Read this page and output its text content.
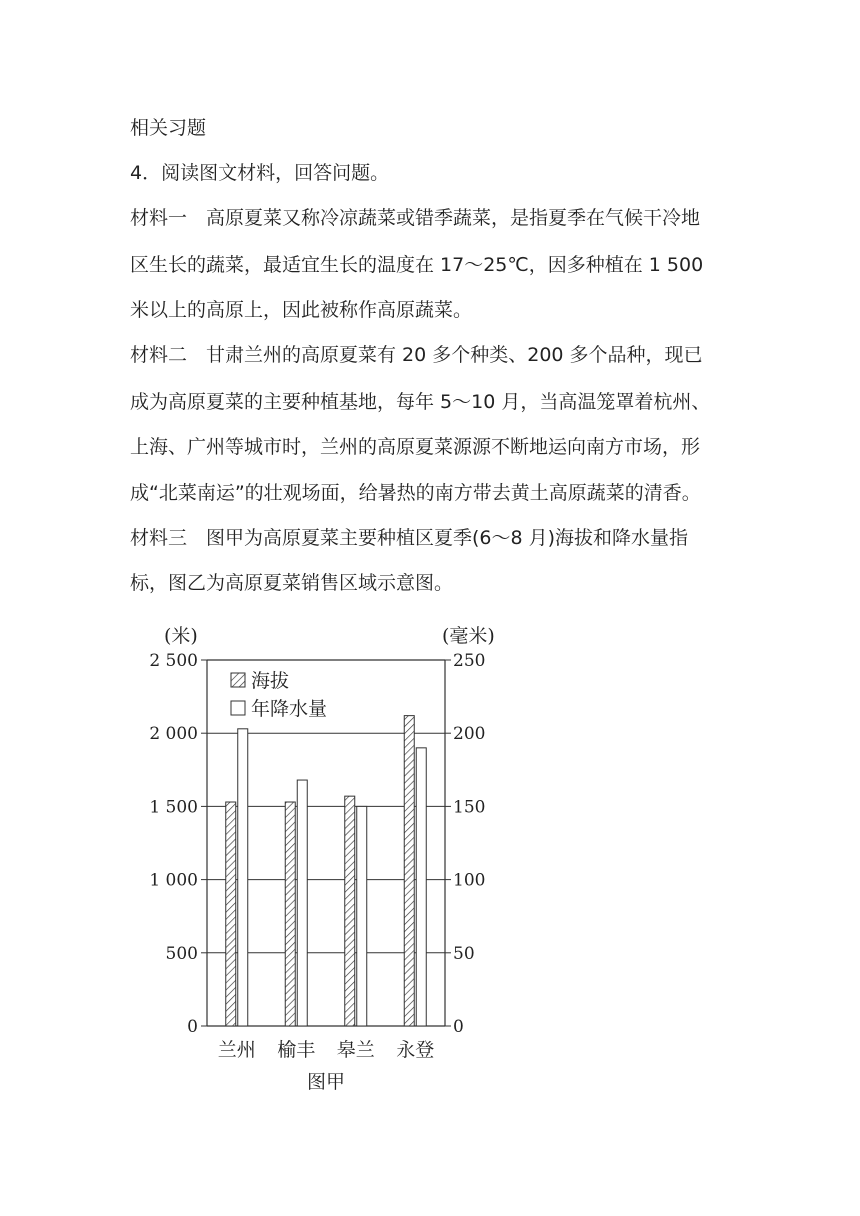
相关习题
4．阅读图文材料，回答问题。
材料一　高原夏菜又称冷凉蔬菜或错季蔬菜，是指夏季在气候干冷地
区生长的蔬菜，最适宜生长的温度在 17～25℃，因多种植在 1 500
米以上的高原上，因此被称作高原蔬菜。
材料二　甘肃兰州的高原夏菜有 20 多个种类、200 多个品种，现已
成为高原夏菜的主要种植基地，每年 5～10 月，当高温笼罩着杭州、
上海、广州等城市时，兰州的高原夏菜源源不断地运向南方市场，形
成“北菜南运”的壮观场面，给暑热的南方带去黄土高原蔬菜的清香。
材料三　图甲为高原夏菜主要种植区夏季(6～8 月)海拔和降水量指
标，图乙为高原夏菜销售区域示意图。
0
500
1 000
1 500
2 000
2 500
0
50
100
150
200
250
(米)	(毫米)
兰州 榆丰 皋兰 永登
海拔
年降水量
图甲
